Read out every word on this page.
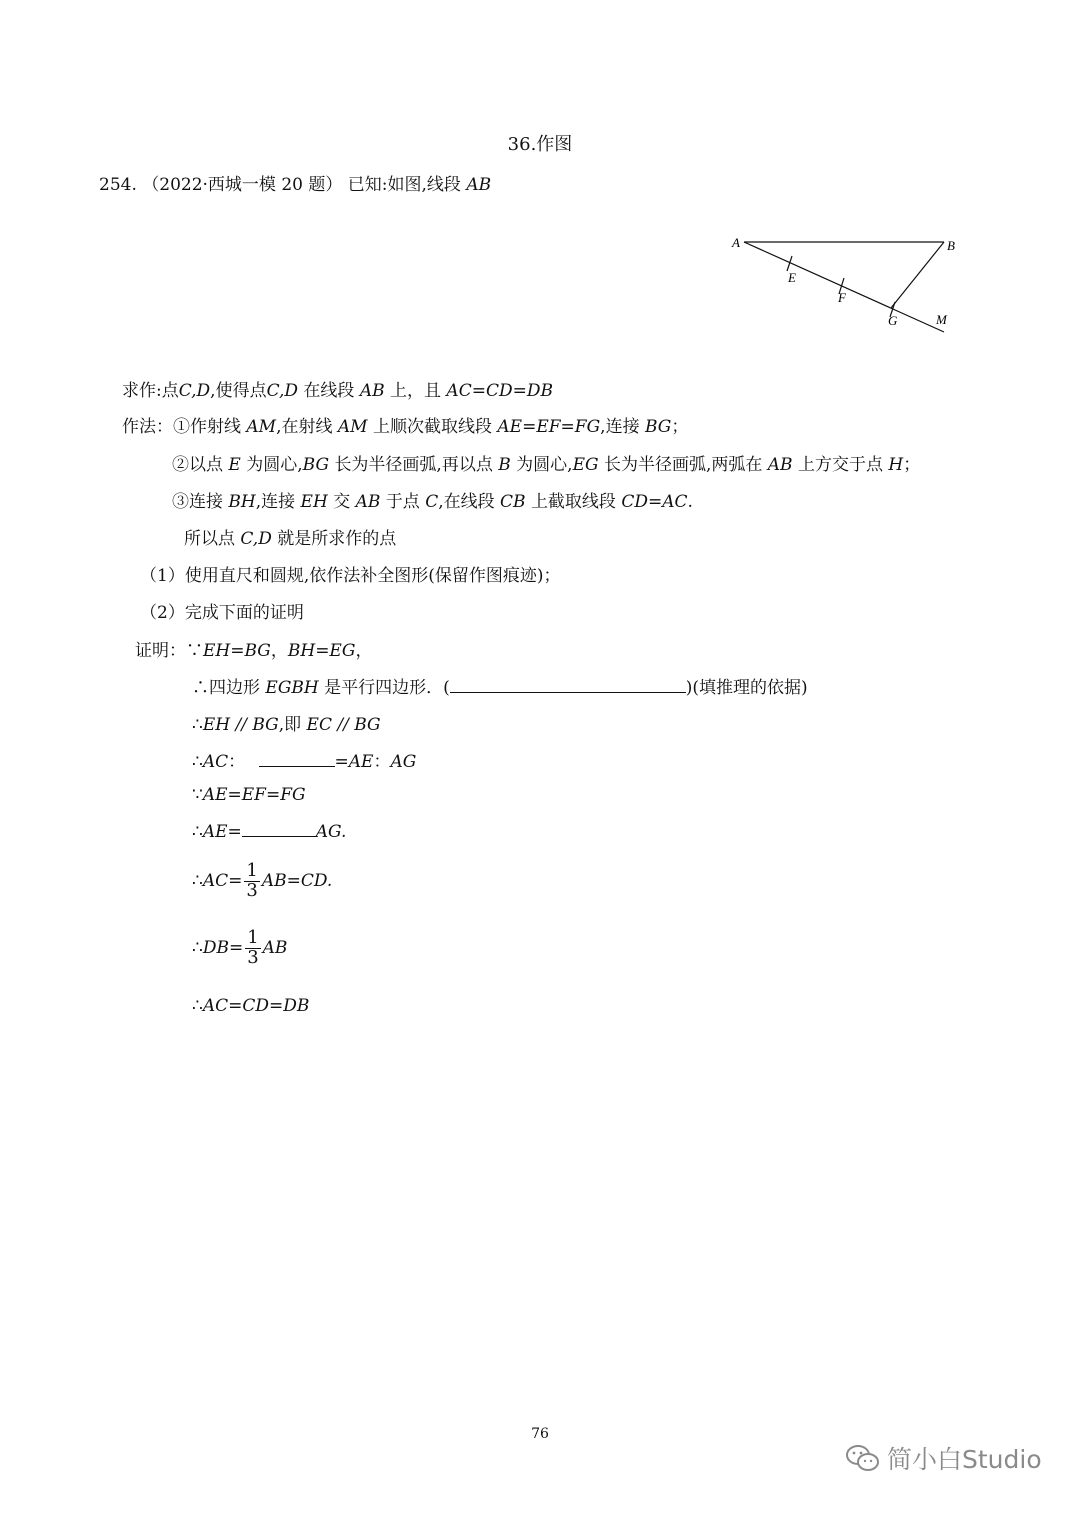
36.作图
254. （2022·西城一模 20 题） 已知:如图,线段 AB
A	B
E
F
G	M
求作:点C,D,使得点C,D 在线段 AB 上，且 AC=CD=DB
作法：①作射线 AM,在射线 AM 上顺次截取线段 AE=EF=FG,连接 BG；
②以点 E 为圆心,BG 长为半径画弧,再以点 B 为圆心,EG 长为半径画弧,两弧在 AB 上方交于点 H；
③连接 BH,连接 EH 交 AB 于点 C,在线段 CB 上截取线段 CD=AC.
所以点 C,D 就是所求作的点
（1）使用直尺和圆规,依作法补全图形(保留作图痕迹)；
（2）完成下面的证明
证明：∵EH=BG，BH=EG，
∴四边形 EGBH 是平行四边形．(	)(填推理的依据)
∴EH // BG,即 EC // BG
∴AC：	=AE：AG
∵AE=EF=FG
∴AE=	AG.
∴AC= $\frac{1}{3} AB=CD$.
∴DB= $\frac{1}{3}$ AB
∴AC=CD=DB
76
简小白Studio
